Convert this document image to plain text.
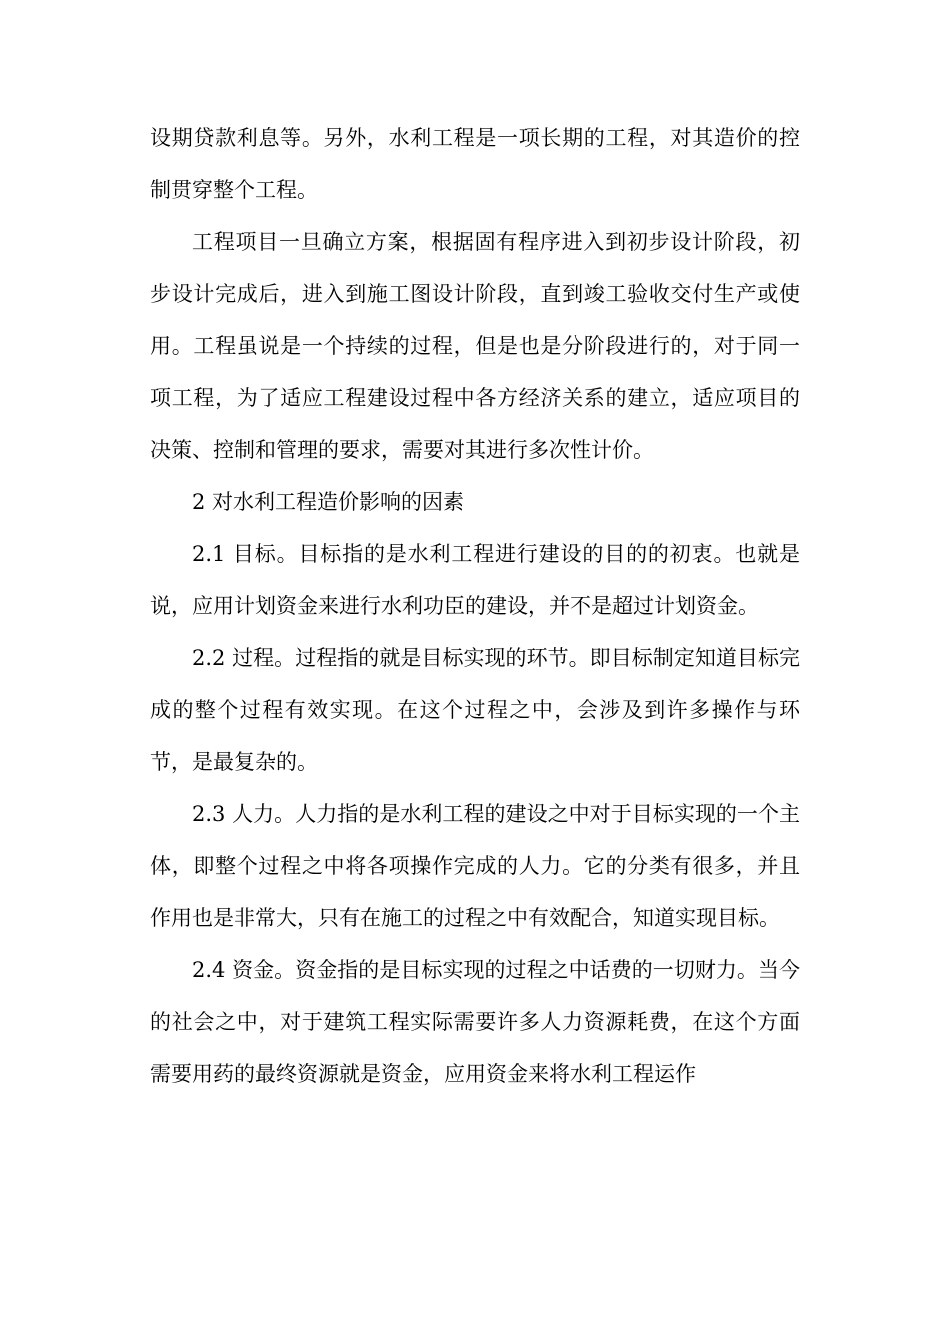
设期贷款利息等。另外，水利工程是一项长期的工程，对其造价的控制贯穿整个工程。

工程项目一旦确立方案，根据固有程序进入到初步设计阶段，初步设计完成后，进入到施工图设计阶段，直到竣工验收交付生产或使用。工程虽说是一个持续的过程，但是也是分阶段进行的，对于同一项工程，为了适应工程建设过程中各方经济关系的建立，适应项目的决策、控制和管理的要求，需要对其进行多次性计价。

2 对水利工程造价影响的因素

2.1 目标。目标指的是水利工程进行建设的目的的初衷。也就是说，应用计划资金来进行水利功臣的建设，并不是超过计划资金。

2.2 过程。过程指的就是目标实现的环节。即目标制定知道目标完成的整个过程有效实现。在这个过程之中，会涉及到许多操作与环节，是最复杂的。

2.3 人力。人力指的是水利工程的建设之中对于目标实现的一个主体，即整个过程之中将各项操作完成的人力。它的分类有很多，并且作用也是非常大，只有在施工的过程之中有效配合，知道实现目标。

2.4 资金。资金指的是目标实现的过程之中话费的一切财力。当今的社会之中，对于建筑工程实际需要许多人力资源耗费，在这个方面需要用药的最终资源就是资金，应用资金来将水利工程运作
